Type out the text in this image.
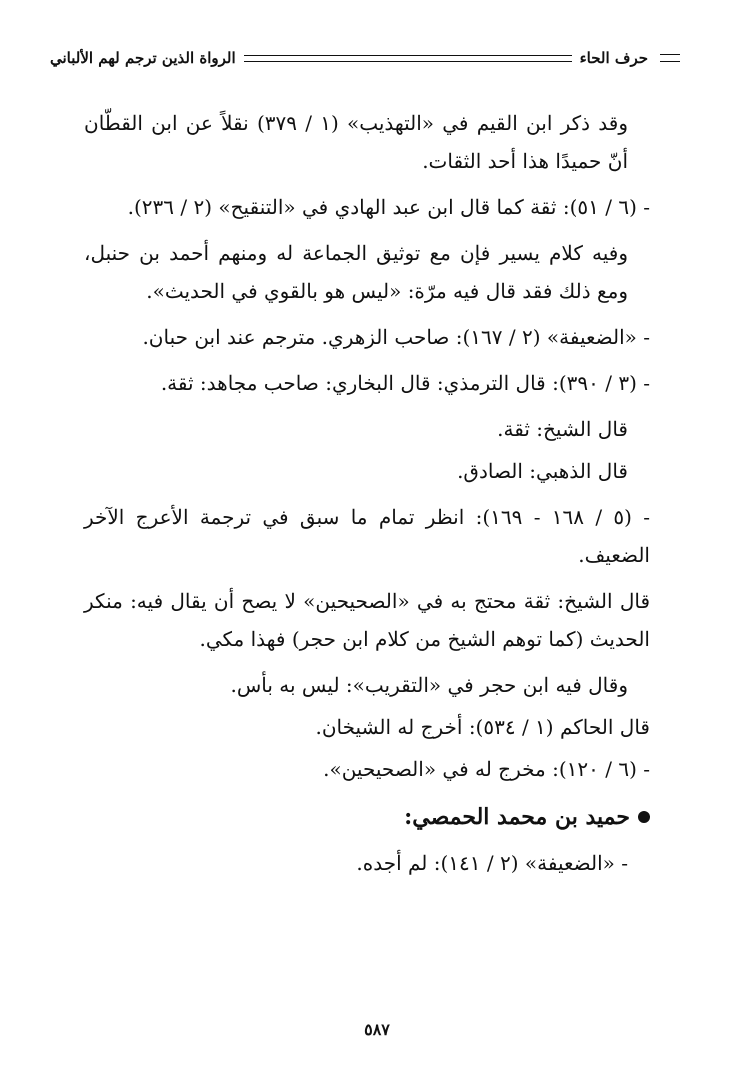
حرف الحاء
الرواة الذين ترجم لهم الألباني

وقد ذكر ابن القيم في «التهذيب» (١ / ٣٧٩) نقلاً عن ابن القطّان أنّ حميدًا هذا أحد الثقات.

- (٦ / ٥١): ثقة كما قال ابن عبد الهادي في «التنقيح» (٢ / ٢٣٦).

وفيه كلام يسير فإن مع توثيق الجماعة له ومنهم أحمد بن حنبل، ومع ذلك فقد قال فيه مرّة: «ليس هو بالقوي في الحديث».

- «الضعيفة» (٢ / ١٦٧): صاحب الزهري. مترجم عند ابن حبان.

- (٣ / ٣٩٠): قال الترمذي: قال البخاري: صاحب مجاهد: ثقة.

قال الشيخ: ثقة.

قال الذهبي: الصادق.

- (٥ / ١٦٨ - ١٦٩): انظر تمام ما سبق في ترجمة الأعرج الآخر الضعيف.

قال الشيخ: ثقة محتج به في «الصحيحين» لا يصح أن يقال فيه: منكر الحديث (كما توهم الشيخ من كلام ابن حجر) فهذا مكي.

وقال فيه ابن حجر في «التقريب»: ليس به بأس.

قال الحاكم (١ / ٥٣٤): أخرج له الشيخان.

- (٦ / ١٢٠): مخرج له في «الصحيحين».

حميد بن محمد الحمصي:

- «الضعيفة» (٢ / ١٤١): لم أجده.

٥٨٧
